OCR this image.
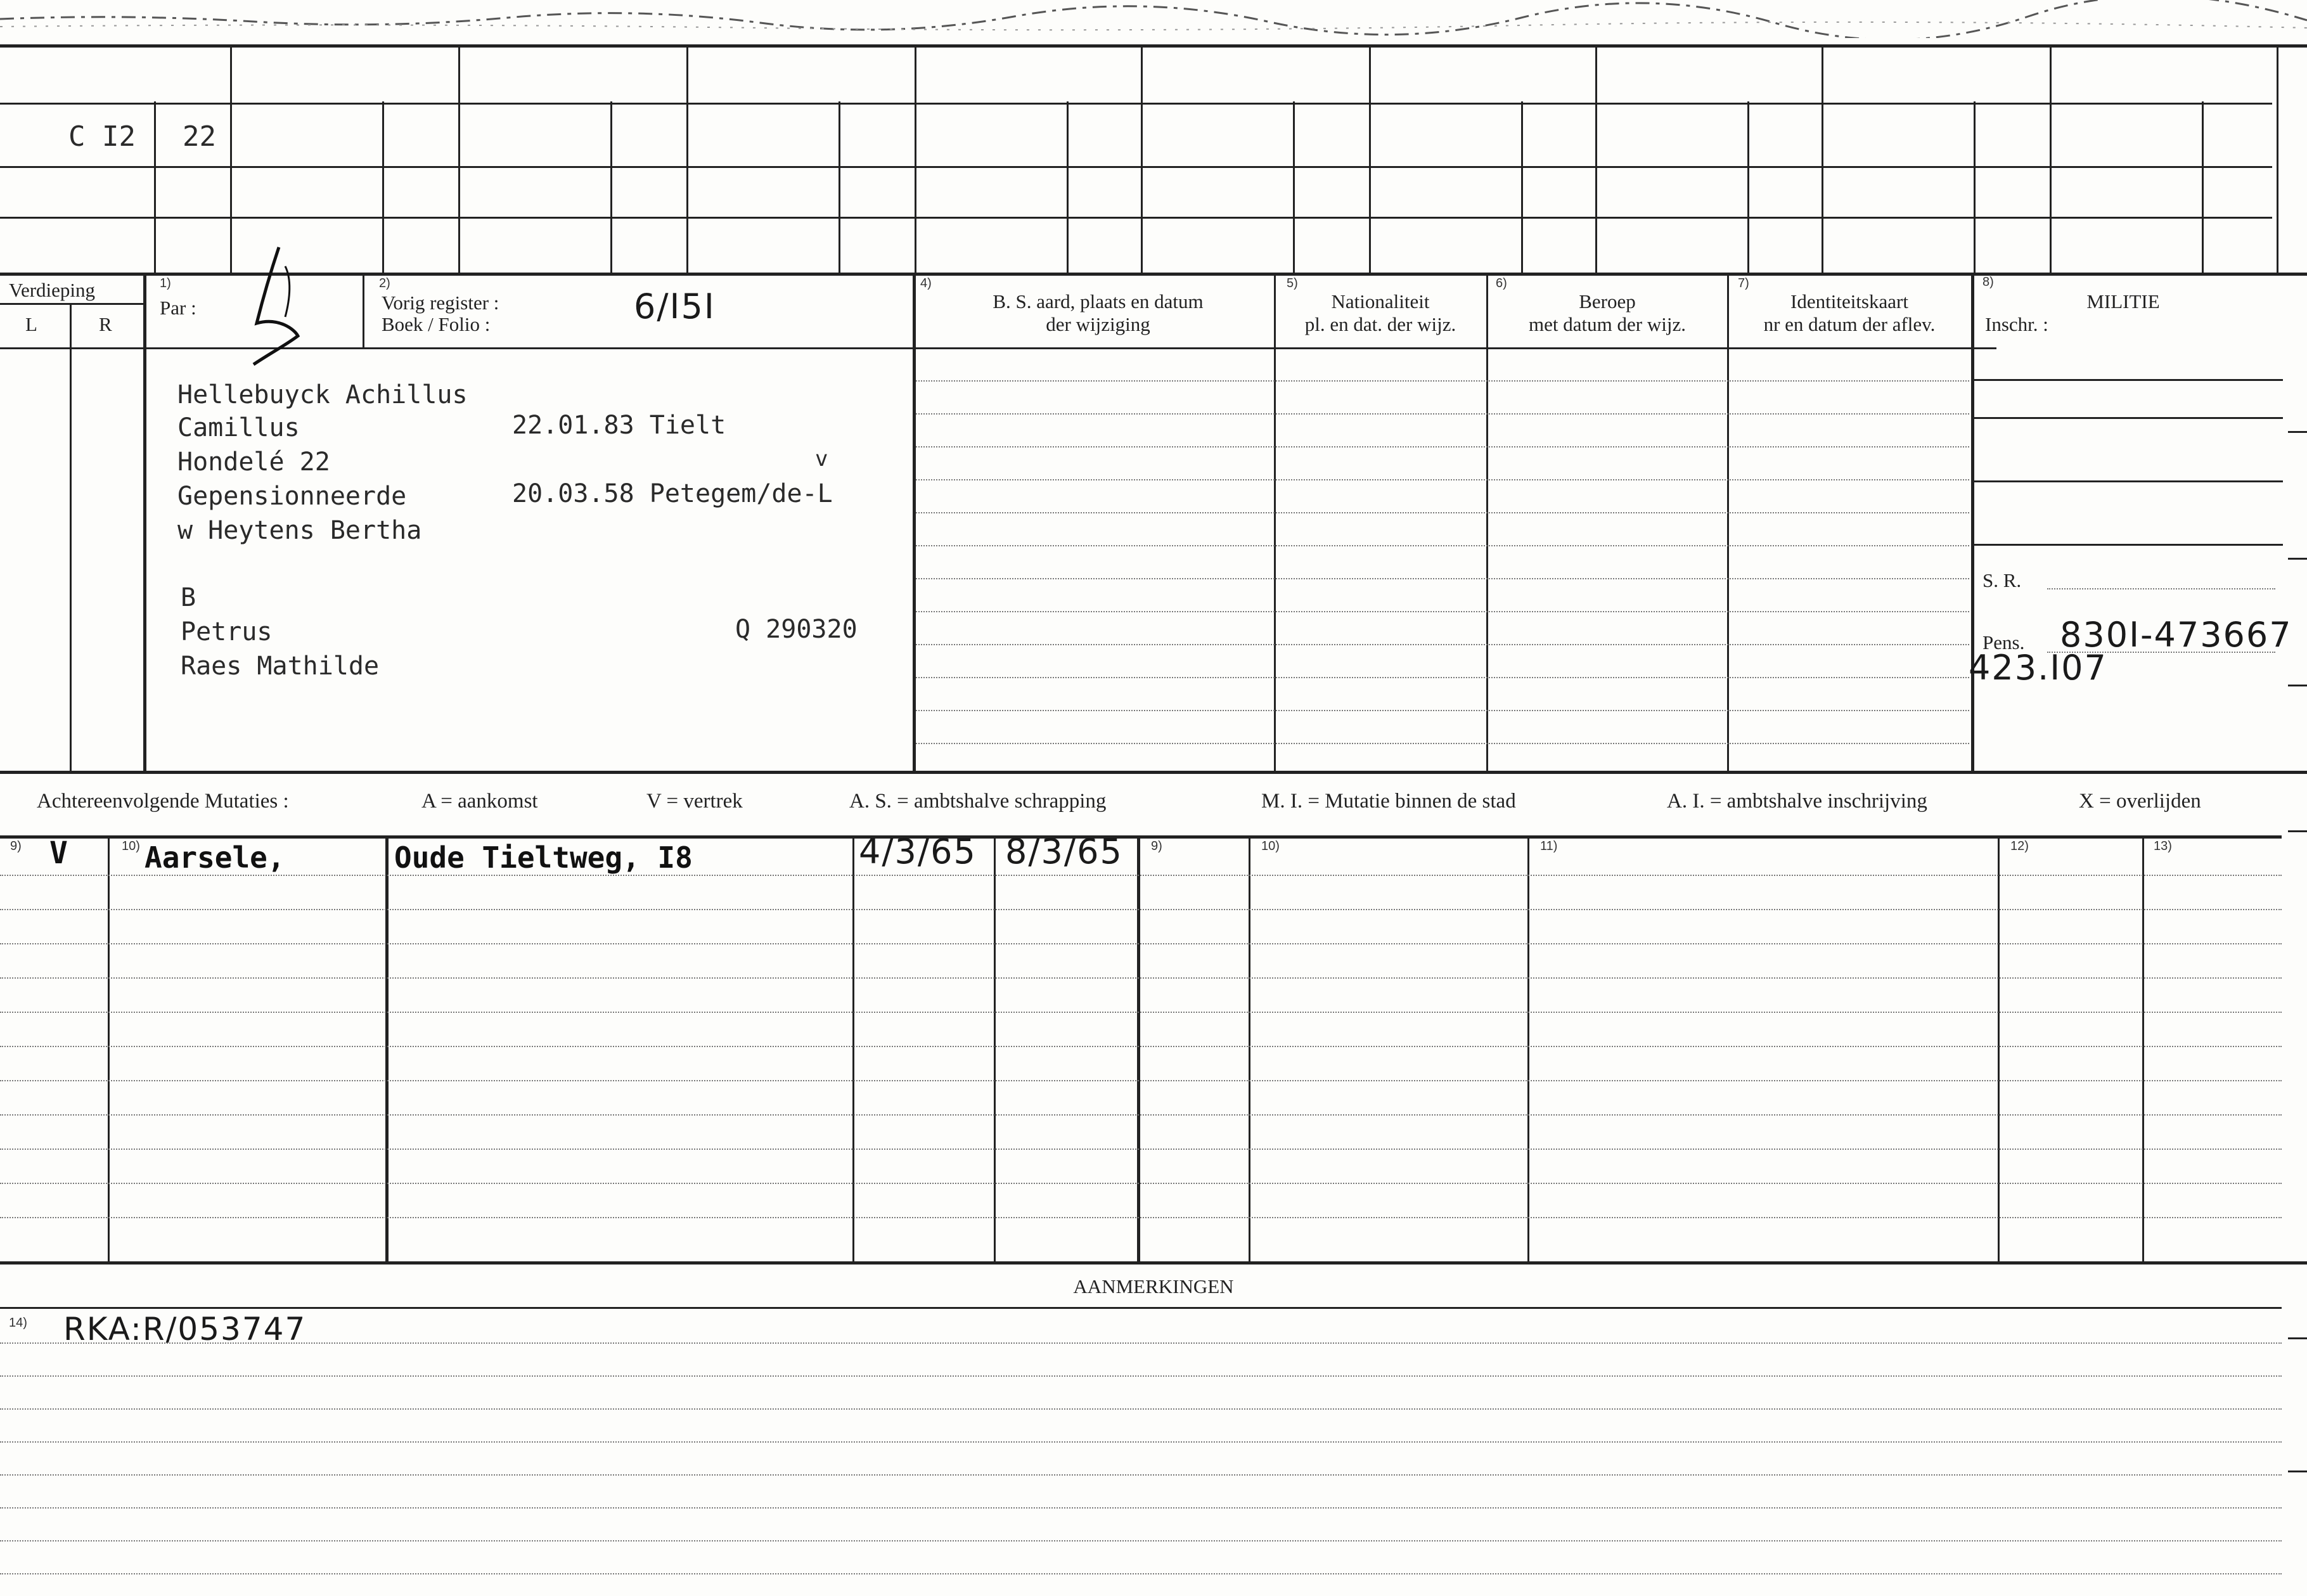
C I2 22
Verdieping
L	R
1)
Par :
2)
Vorig register :
Boek / Folio :	6/I5I
4)
B. S. aard, plaats en datum
der wijziging
5)
Nationaliteit
pl. en dat. der wijz.
6)
Beroep
met datum der wijz.
7)
Identiteitskaart
nr en datum der aflev.
8)
MILITIE
Inschr. :
Hellebuyck Achillus
Camillus	22.01.83 Tielt
Hondelé 22	v
Gepensionneerde	20.03.58 Petegem/de-L
w Heytens Bertha
B
Petrus	Q 290320
Raes Mathilde
S. R.
Pens. 830I-473667
423.I07
Achtereenvolgende Mutaties :	A = aankomst	V = vertrek	A. S. = ambtshalve schrapping	M. I. = Mutatie binnen de stad	A. I. = ambtshalve inschrijving	X = overlijden
9) V	10) Aarsele,	Oude Tieltweg, I8	4/3/65 8/3/65 9)	10)	11)	12)	13)
AANMERKINGEN
14) RKA:R/053747
